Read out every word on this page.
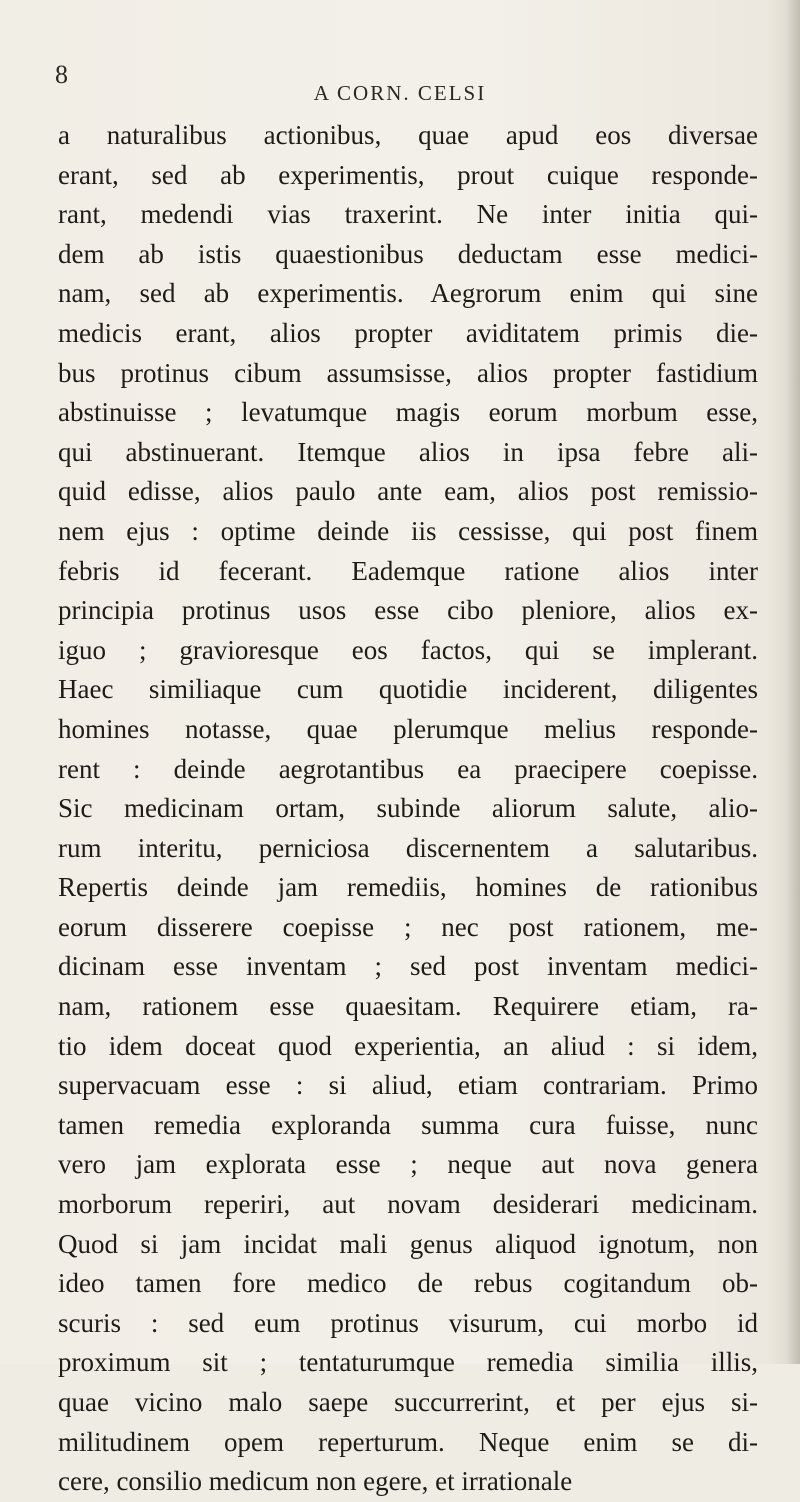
8
A CORN. CELSI
a naturalibus actionibus, quae apud eos diversae
erant, sed ab experimentis, prout cuique responde-
rant, medendi vias traxerint. Ne inter initia qui-
dem ab istis quaestionibus deductam esse medici-
nam, sed ab experimentis. Aegrorum enim qui sine
medicis erant, alios propter aviditatem primis die-
bus protinus cibum assumsisse, alios propter fastidium
abstinuisse ; levatumque magis eorum morbum esse,
qui abstinuerant. Itemque alios in ipsa febre ali-
quid edisse, alios paulo ante eam, alios post remissio-
nem ejus : optime deinde iis cessisse, qui post finem
febris id fecerant. Eademque ratione alios inter
principia protinus usos esse cibo pleniore, alios ex-
iguo ; gravioresque eos factos, qui se implerant.
Haec similiaque cum quotidie inciderent, diligentes
homines notasse, quae plerumque melius responde-
rent : deinde aegrotantibus ea praecipere coepisse.
Sic medicinam ortam, subinde aliorum salute, alio-
rum interitu, perniciosa discernentem a salutaribus.
Repertis deinde jam remediis, homines de rationibus
eorum disserere coepisse ; nec post rationem, me-
dicinam esse inventam ; sed post inventam medici-
nam, rationem esse quaesitam. Requirere etiam, ra-
tio idem doceat quod experientia, an aliud : si idem,
supervacuam esse : si aliud, etiam contrariam. Primo
tamen remedia exploranda summa cura fuisse, nunc
vero jam explorata esse ; neque aut nova genera
morborum reperiri, aut novam desiderari medicinam.
Quod si jam incidat mali genus aliquod ignotum, non
ideo tamen fore medico de rebus cogitandum ob-
scuris : sed eum protinus visurum, cui morbo id
proximum sit ; tentaturumque remedia similia illis,
quae vicino malo saepe succurrerint, et per ejus si-
militudinem opem reperturum. Neque enim se di-
cere, consilio medicum non egere, et irrationale
